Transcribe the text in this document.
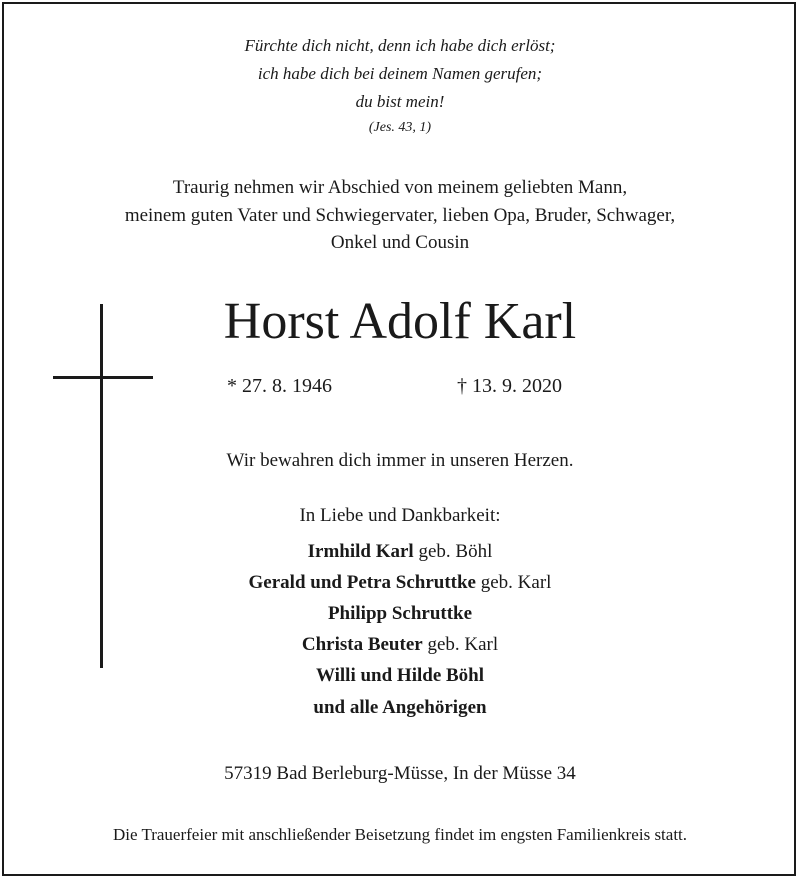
Fürchte dich nicht, denn ich habe dich erlöst;
ich habe dich bei deinem Namen gerufen;
du bist mein!
(Jes. 43, 1)
Traurig nehmen wir Abschied von meinem geliebten Mann,
meinem guten Vater und Schwiegervater, lieben Opa, Bruder, Schwager,
Onkel und Cousin
Horst Adolf Karl
* 27. 8. 1946	† 13. 9. 2020
Wir bewahren dich immer in unseren Herzen.
In Liebe und Dankbarkeit:
Irmhild Karl geb. Böhl
Gerald und Petra Schruttke geb. Karl
Philipp Schruttke
Christa Beuter geb. Karl
Willi und Hilde Böhl
und alle Angehörigen
57319 Bad Berleburg-Müsse, In der Müsse 34
Die Trauerfeier mit anschließender Beisetzung findet im engsten Familienkreis statt.
